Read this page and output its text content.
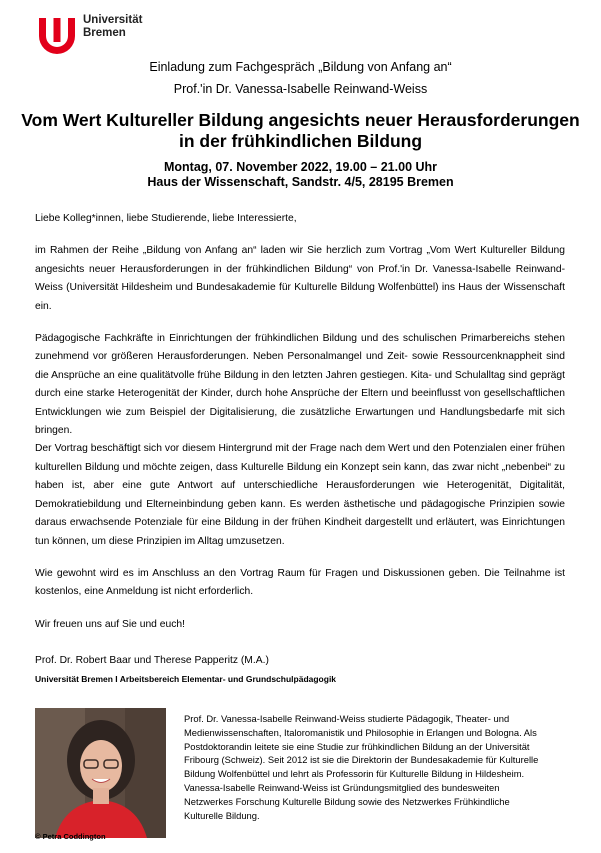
Universität
Bremen
Einladung zum Fachgespräch „Bildung von Anfang an“
Prof.'in Dr. Vanessa-Isabelle Reinwand-Weiss
Vom Wert Kultureller Bildung angesichts neuer Herausforderungen in der frühkindlichen Bildung
Montag, 07. November 2022, 19.00 – 21.00 Uhr
Haus der Wissenschaft, Sandstr. 4/5, 28195 Bremen

Liebe Kolleg*innen, liebe Studierende, liebe Interessierte,

im Rahmen der Reihe „Bildung von Anfang an“ laden wir Sie herzlich zum Vortrag „Vom Wert Kultureller Bildung angesichts neuer Herausforderungen in der frühkindlichen Bildung“ von Prof.'in Dr. Vanessa-Isabelle Reinwand-Weiss (Universität Hildesheim und Bundesakademie für Kulturelle Bildung Wolfenbüttel) ins Haus der Wissenschaft ein.

Pädagogische Fachkräfte in Einrichtungen der frühkindlichen Bildung und des schulischen Primarbereichs stehen zunehmend vor größeren Herausforderungen. Neben Personalmangel und Zeit- sowie Ressourcenknappheit sind die Ansprüche an eine qualitätvolle frühe Bildung in den letzten Jahren gestiegen. Kita- und Schulalltag sind geprägt durch eine starke Heterogenität der Kinder, durch hohe Ansprüche der Eltern und beeinflusst von gesellschaftlichen Entwicklungen wie zum Beispiel der Digitalisierung, die zusätzliche Erwartungen und Handlungsbedarfe mit sich bringen.

Der Vortrag beschäftigt sich vor diesem Hintergrund mit der Frage nach dem Wert und den Potenzialen einer frühen kulturellen Bildung und möchte zeigen, dass Kulturelle Bildung ein Konzept sein kann, das zwar nicht „nebenbei“ zu haben ist, aber eine gute Antwort auf unterschiedliche Herausforderungen wie Heterogenität, Digitalität, Demokratiebildung und Elterneinbindung geben kann. Es werden ästhetische und pädagogische Prinzipien sowie daraus erwachsende Potenziale für eine Bildung in der frühen Kindheit dargestellt und erläutert, was Einrichtungen tun können, um diese Prinzipien im Alltag umzusetzen.

Wie gewohnt wird es im Anschluss an den Vortrag Raum für Fragen und Diskussionen geben. Die Teilnahme ist kostenlos, eine Anmeldung ist nicht erforderlich.

Wir freuen uns auf Sie und euch!

Prof. Dr. Robert Baar und Therese Papperitz (M.A.)
Universität Bremen I Arbeitsbereich Elementar- und Grundschulpädagogik
© Petra Coddington
Prof. Dr. Vanessa-Isabelle Reinwand-Weiss studierte Pädagogik, Theater- und Medienwissenschaften, Italoromanistik und Philosophie in Erlangen und Bologna. Als Postdoktorandin leitete sie eine Studie zur frühkindlichen Bildung an der Universität Fribourg (Schweiz). Seit 2012 ist sie die Direktorin der Bundesakademie für Kulturelle Bildung Wolfenbüttel und lehrt als Professorin für Kulturelle Bildung in Hildesheim. Vanessa-Isabelle Reinwand-Weiss ist Gründungsmitglied des bundesweiten Netzwerkes Forschung Kulturelle Bildung sowie des Netzwerkes Frühkindliche Kulturelle Bildung.
